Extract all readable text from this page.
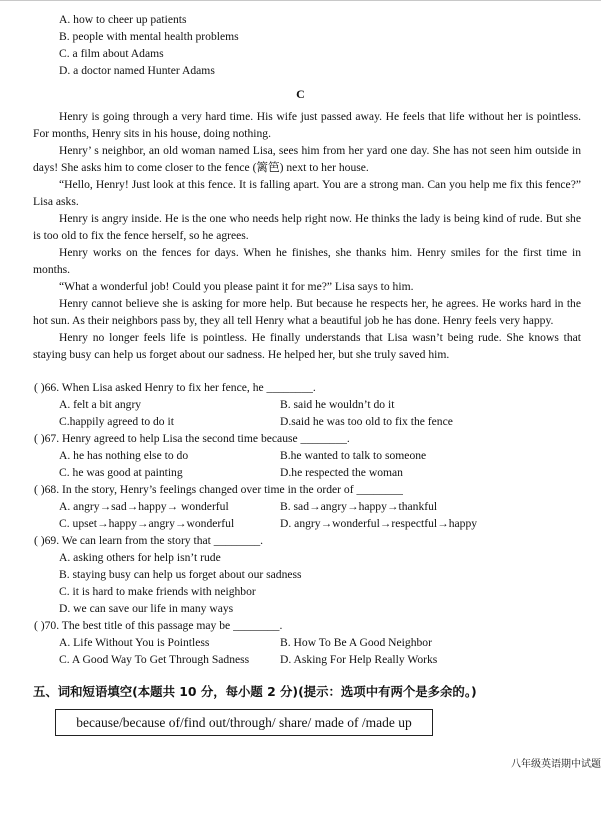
A. how to cheer up patients
B. people with mental health problems
C. a film about Adams
D. a doctor named Hunter Adams
C

Henry is going through a very hard time. His wife just passed away. He feels that life without her is pointless. For months, Henry sits in his house, doing nothing.

Henry’ s neighbor, an old woman named Lisa, sees him from her yard one day. She has not seen him outside in days! She asks him to come closer to the fence (篱笆) next to her house.

“Hello, Henry! Just look at this fence. It is falling apart. You are a strong man. Can you help me fix this fence?” Lisa asks.

Henry is angry inside. He is the one who needs help right now. He thinks the lady is being kind of rude. But she is too old to fix the fence herself, so he agrees.

Henry works on the fences for days. When he finishes, she thanks him. Henry smiles for the first time in months.

“What a wonderful job! Could you please paint it for me?” Lisa says to him.

Henry cannot believe she is asking for more help. But because he respects her, he agrees. He works hard in the hot sun. As their neighbors pass by, they all tell Henry what a beautiful job he has done. Henry feels very happy.

Henry no longer feels life is pointless. He finally understands that Lisa wasn’t being rude. She knows that staying busy can help us forget about our sadness. He helped her, but she truly saved him.

( )66. When Lisa asked Henry to fix her fence, he ________.
A. felt a bit angry	B. said he wouldn’t do it
C.happily agreed to do it	D.said he was too old to fix the fence
( )67. Henry agreed to help Lisa the second time because ________.
A. he has nothing else to do	B.he wanted to talk to someone
C. he was good at painting	D.he respected the woman
( )68. In the story, Henry’s feelings changed over time in the order of ________
A. angry→sad→happy→ wonderful	B. sad→angry→happy→thankful
C. upset→happy→angry→wonderful	D. angry→wonderful→respectful→happy
( )69. We can learn from the story that ________.
A. asking others for help isn’t rude
B. staying busy can help us forget about our sadness
C. it is hard to make friends with neighbor
D. we can save our life in many ways
( )70. The best title of this passage may be ________.
A. Life Without You is Pointless	B. How To Be A Good Neighbor
C. A Good Way To Get Through Sadness	D. Asking For Help Really Works
五、词和短语填空(本题共 10 分，每小题 2 分)(提示：选项中有两个是多余的。)
because/because of/find out/through/ share/ made of /made up
八年级英语期中试题
